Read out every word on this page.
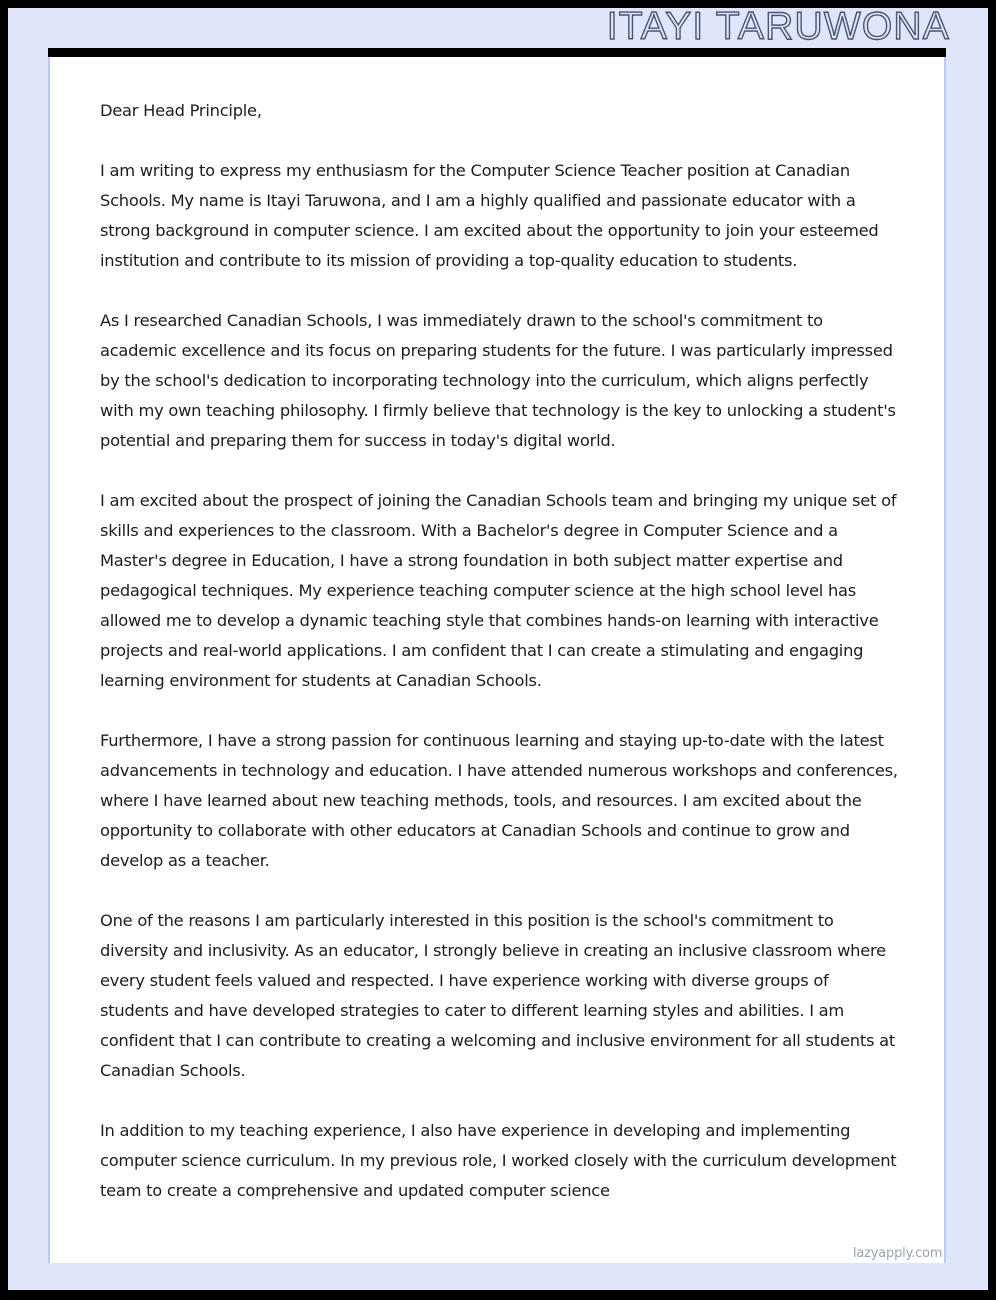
ITAYI TARUWONA

Dear Head Principle,

I am writing to express my enthusiasm for the Computer Science Teacher position at Canadian Schools. My name is Itayi Taruwona, and I am a highly qualified and passionate educator with a strong background in computer science. I am excited about the opportunity to join your esteemed institution and contribute to its mission of providing a top-quality education to students.

As I researched Canadian Schools, I was immediately drawn to the school's commitment to academic excellence and its focus on preparing students for the future. I was particularly impressed by the school's dedication to incorporating technology into the curriculum, which aligns perfectly with my own teaching philosophy. I firmly believe that technology is the key to unlocking a student's potential and preparing them for success in today's digital world.

I am excited about the prospect of joining the Canadian Schools team and bringing my unique set of skills and experiences to the classroom. With a Bachelor's degree in Computer Science and a Master's degree in Education, I have a strong foundation in both subject matter expertise and pedagogical techniques. My experience teaching computer science at the high school level has allowed me to develop a dynamic teaching style that combines hands-on learning with interactive projects and real-world applications. I am confident that I can create a stimulating and engaging learning environment for students at Canadian Schools.

Furthermore, I have a strong passion for continuous learning and staying up-to-date with the latest advancements in technology and education. I have attended numerous workshops and conferences, where I have learned about new teaching methods, tools, and resources. I am excited about the opportunity to collaborate with other educators at Canadian Schools and continue to grow and develop as a teacher.

One of the reasons I am particularly interested in this position is the school's commitment to diversity and inclusivity. As an educator, I strongly believe in creating an inclusive classroom where every student feels valued and respected. I have experience working with diverse groups of students and have developed strategies to cater to different learning styles and abilities. I am confident that I can contribute to creating a welcoming and inclusive environment for all students at Canadian Schools.

In addition to my teaching experience, I also have experience in developing and implementing computer science curriculum. In my previous role, I worked closely with the curriculum development team to create a comprehensive and updated computer science

lazyapply.com
